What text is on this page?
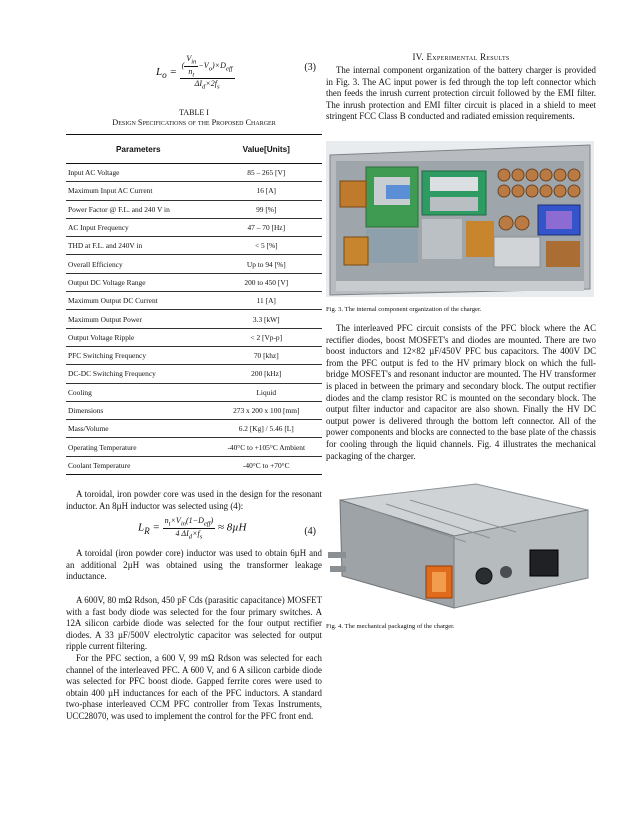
$L_o = \frac{( \frac{V_{in}}{n_t} -V_o)\times D_{eff}}{\Delta I_d\times 2f_s}$	(3)
TABLE I
Design Specifications of the Proposed Charger
Parameters	Value[Units]
Input AC Voltage	85 – 265 [V]
Maximum Input AC Current	16 [A]
Power Factor @ F.L. and 240 V in	99 [%]
AC Input Frequency	47 – 70 [Hz]
THD at F.L. and 240V in	< 5 [%]
Overall Efficiency	Up to 94 [%]
Output DC Voltage Range	200 to 450 [V]
Maximum Output DC Current	11 [A]
Maximum Output Power	3.3 [kW]
Output Voltage Ripple	< 2 [Vp-p]
PFC Switching Frequency	70 [khz]
DC-DC Switching Frequency	200 [kHz]
Cooling	Liquid
Dimensions	273 x 200 x 100 [mm]
Mass/Volume	6.2 [Kg] / 5.46 [L]
Operating Temperature	-40°C to +105°C Ambient
Coolant Temperature	-40°C to +70°C

A toroidal, iron powder core was used in the design for the resonant inductor. An 8µH inductor was selected using (4):

$L_R = \frac{n_t\times V_{in}(1-D_{eff})}{4 \Delta I_d\times f_s} \approx 8\mu H$	(4)

A toroidal (iron powder core) inductor was used to obtain 6µH and an additional 2µH was obtained using the transformer leakage inductance.

A 600V, 80 mΩ Rdson, 450 pF Cds (parasitic capacitance) MOSFET with a fast body diode was selected for the four primary switches. A 12A silicon carbide diode was selected for the four output rectifier diodes. A 33 µF/500V electrolytic capacitor was selected for output ripple current filtering.

For the PFC section, a 600 V, 99 mΩ Rdson was selected for each channel of the interleaved PFC. A 600 V, and 6 A silicon carbide diode was selected for PFC boost diode. Gapped ferrite cores were used to obtain 400 µH inductances for each of the PFC inductors. A standard two-phase interleaved CCM PFC controller from Texas Instruments, UCC28070, was used to implement the control for the PFC front end.

IV. Experimental Results

The internal component organization of the battery charger is provided in Fig. 3. The AC input power is fed through the top left connector which then feeds the inrush current protection circuit followed by the EMI filter. The inrush protection and EMI filter circuit is placed in a shield to meet stringent FCC Class B conducted and radiated emission requirements.

Fig. 3. The internal component organization of the charger.

The interleaved PFC circuit consists of the PFC block where the AC rectifier diodes, boost MOSFET's and diodes are mounted. There are two boost inductors and 12×82 µF/450V PFC bus capacitors. The 400V DC from the PFC output is fed to the HV primary block on which the full-bridge MOSFET's and resonant inductor are mounted. The HV transformer is placed in between the primary and secondary block. The output rectifier diodes and the clamp resistor RC is mounted on the secondary block. The output filter inductor and capacitor are also shown. Finally the HV DC output power is delivered through the bottom left connector. All of the power components and blocks are connected to the base plate of the chassis for cooling through the liquid channels. Fig. 4 illustrates the mechanical packaging of the charger.

Fig. 4. The mechanical packaging of the charger.
